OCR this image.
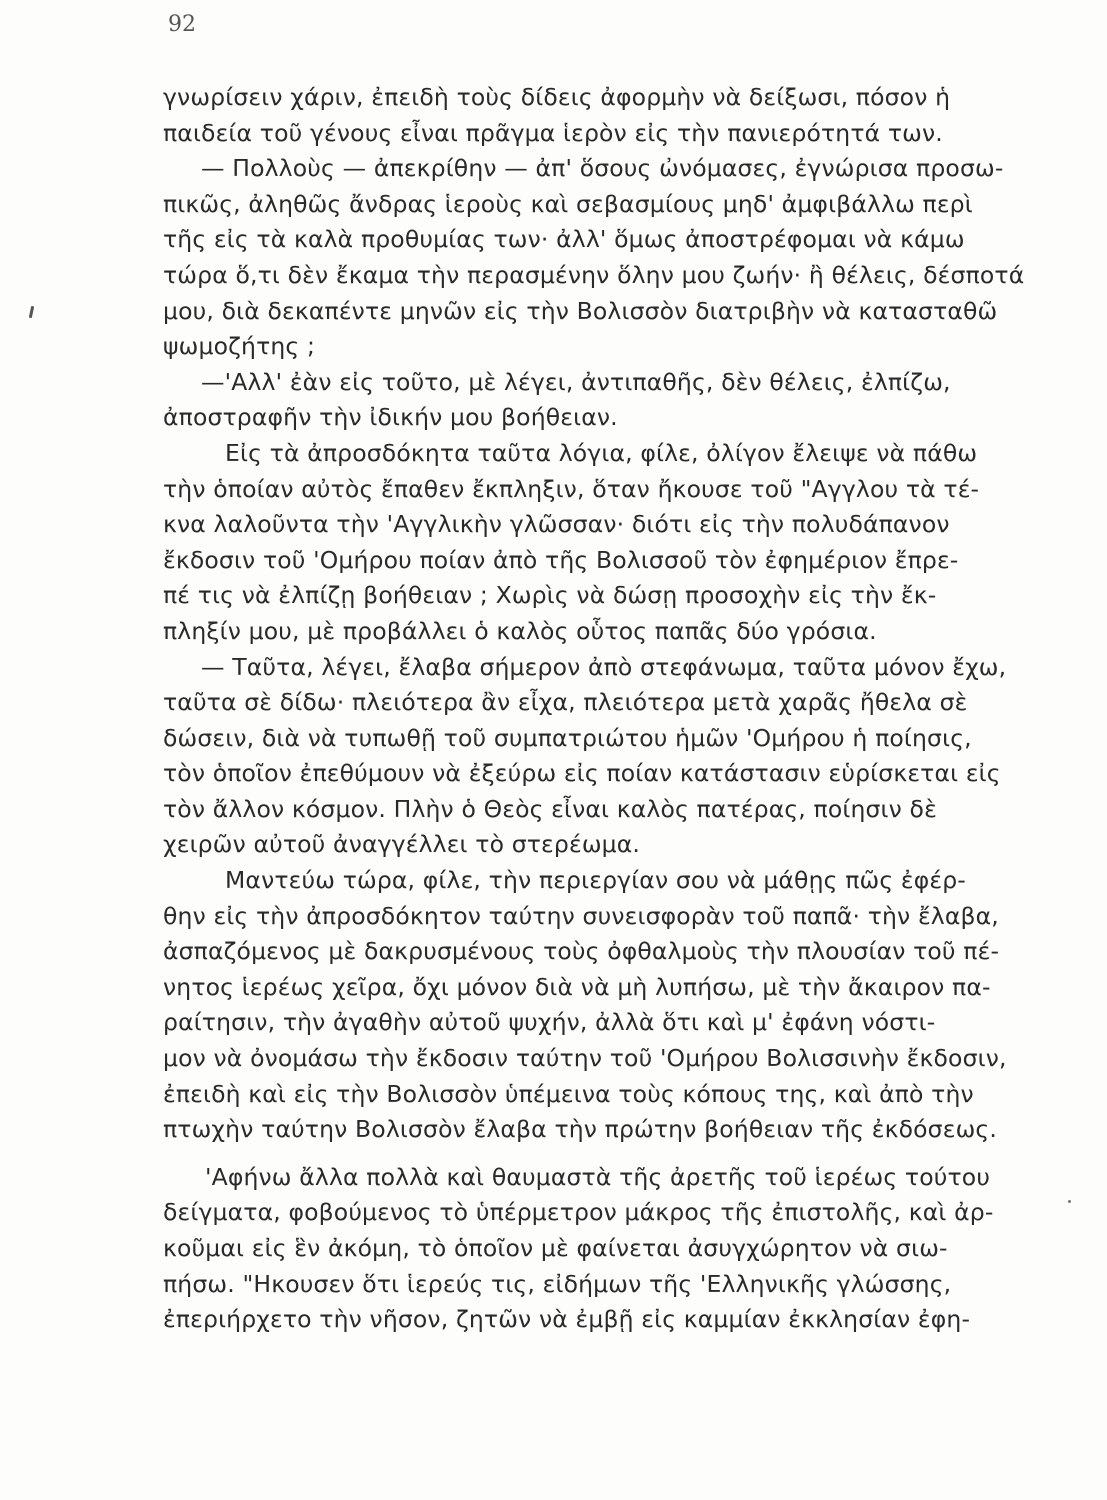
92
γνωρίσειν χάριν, ἐπειδὴ τοὺς δίδεις ἀφορμὴν νὰ δείξωσι, πόσον ἡ
παιδεία τοῦ γένους εἶναι πρᾶγμα ἱερὸν εἰς τὴν πανιερότητά των.
— Πολλοὺς — ἀπεκρίθην — ἀπ' ὅσους ὠνόμασες, ἐγνώρισα προσω-
πικῶς, ἀληθῶς ἄνδρας ἱεροὺς καὶ σεβασμίους μηδ' ἀμφιβάλλω περὶ
τῆς εἰς τὰ καλὰ προθυμίας των· ἀλλ' ὅμως ἀποστρέφομαι νὰ κάμω
τώρα ὅ,τι δὲν ἔκαμα τὴν περασμένην ὅλην μου ζωήν· ἢ θέλεις, δέσποτά
μου, διὰ δεκαπέντε μηνῶν εἰς τὴν Βολισσὸν διατριβὴν νὰ κατασταθῶ
ψωμοζήτης ;
—'Αλλ' ἐὰν εἰς τοῦτο, μὲ λέγει, ἀντιπαθῆς, δὲν θέλεις, ἐλπίζω,
ἀποστραφῆν τὴν ἰδικήν μου βοήθειαν.
Εἰς τὰ ἀπροσδόκητα ταῦτα λόγια, φίλε, ὀλίγον ἔλειψε νὰ πάθω
τὴν ὁποίαν αὐτὸς ἔπαθεν ἔκπληξιν, ὅταν ἤκουσε τοῦ "Αγγλου τὰ τέ-
κνα λαλοῦντα τὴν 'Αγγλικὴν γλῶσσαν· διότι εἰς τὴν πολυδάπανον
ἔκδοσιν τοῦ 'Ομήρου ποίαν ἀπὸ τῆς Βολισσοῦ τὸν ἐφημέριον ἔπρε-
πέ τις νὰ ἐλπίζῃ βοήθειαν ; Χωρὶς νὰ δώσῃ προσοχὴν εἰς τὴν ἔκ-
πληξίν μου, μὲ προβάλλει ὁ καλὸς οὗτος παπᾶς δύο γρόσια.
— Ταῦτα, λέγει, ἔλαβα σήμερον ἀπὸ στεφάνωμα, ταῦτα μόνον ἔχω,
ταῦτα σὲ δίδω· πλειότερα ἂν εἶχα, πλειότερα μετὰ χαρᾶς ἤθελα σὲ
δώσειν, διὰ νὰ τυπωθῇ τοῦ συμπατριώτου ἡμῶν 'Ομήρου ἡ ποίησις,
τὸν ὁποῖον ἐπεθύμουν νὰ ἐξεύρω εἰς ποίαν κατάστασιν εὑρίσκεται εἰς
τὸν ἄλλον κόσμον. Πλὴν ὁ Θεὸς εἶναι καλὸς πατέρας, ποίησιν δὲ
χειρῶν αὐτοῦ ἀναγγέλλει τὸ στερέωμα.
Μαντεύω τώρα, φίλε, τὴν περιεργίαν σου νὰ μάθῃς πῶς ἐφέρ-
θην εἰς τὴν ἀπροσδόκητον ταύτην συνεισφορὰν τοῦ παπᾶ· τὴν ἔλαβα,
ἀσπαζόμενος μὲ δακρυσμένους τοὺς ὀφθαλμοὺς τὴν πλουσίαν τοῦ πέ-
νητος ἱερέως χεῖρα, ὄχι μόνον διὰ νὰ μὴ λυπήσω, μὲ τὴν ἄκαιρον πα-
ραίτησιν, τὴν ἀγαθὴν αὐτοῦ ψυχήν, ἀλλὰ ὅτι καὶ μ' ἐφάνη νόστι-
μον νὰ ὀνομάσω τὴν ἔκδοσιν ταύτην τοῦ 'Ομήρου Βολισσινὴν ἔκδοσιν,
ἐπειδὴ καὶ εἰς τὴν Βολισσὸν ὑπέμεινα τοὺς κόπους της, καὶ ἀπὸ τὴν
πτωχὴν ταύτην Βολισσὸν ἔλαβα τὴν πρώτην βοήθειαν τῆς ἐκδόσεως.
'Αφήνω ἄλλα πολλὰ καὶ θαυμαστὰ τῆς ἀρετῆς τοῦ ἱερέως τούτου
δείγματα, φοβούμενος τὸ ὑπέρμετρον μάκρος τῆς ἐπιστολῆς, καὶ ἀρ-
κοῦμαι εἰς ἓν ἀκόμη, τὸ ὁποῖον μὲ φαίνεται ἀσυγχώρητον νὰ σιω-
πήσω. "Ηκουσεν ὅτι ἱερεύς τις, εἰδήμων τῆς 'Ελληνικῆς γλώσσης,
ἐπεριήρχετο τὴν νῆσον, ζητῶν νὰ ἐμβῇ εἰς καμμίαν ἐκκλησίαν ἐφη-
